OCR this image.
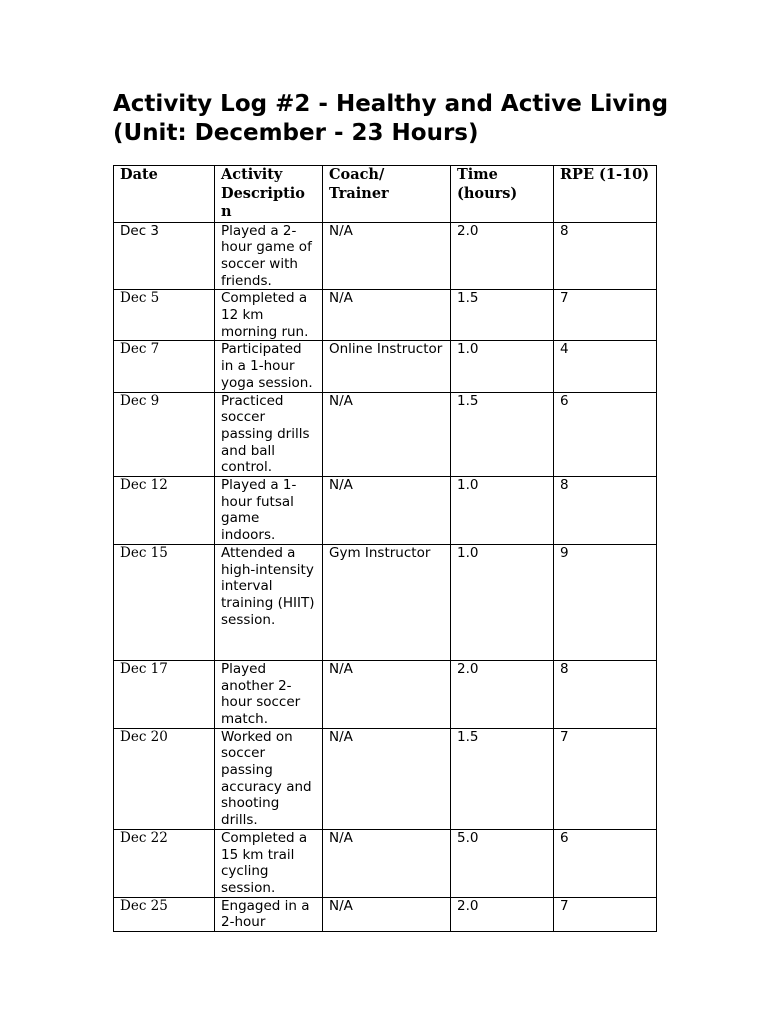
Activity Log #2 - Healthy and Active Living (Unit: December - 23 Hours)
Date	Activity Descriptio n	Coach/ Trainer	Time (hours)	RPE (1-10)
Dec 3	Played a 2-hour game of soccer with friends.	N/A	2.0	8
Dec 5	Completed a 12 km morning run.	N/A	1.5	7
Dec 7	Participated in a 1-hour yoga session.	Online Instructor	1.0	4
Dec 9	Practiced soccer passing drills and ball control.	N/A	1.5	6
Dec 12	Played a 1-hour futsal game indoors.	N/A	1.0	8
Dec 15	Attended a high-intensity interval training (HIIT) session.	Gym Instructor	1.0	9
Dec 17	Played another 2-hour soccer match.	N/A	2.0	8
Dec 20	Worked on soccer passing accuracy and shooting drills.	N/A	1.5	7
Dec 22	Completed a 15 km trail cycling session.	N/A	5.0	6
Dec 25	Engaged in a 2-hour	N/A	2.0	7
